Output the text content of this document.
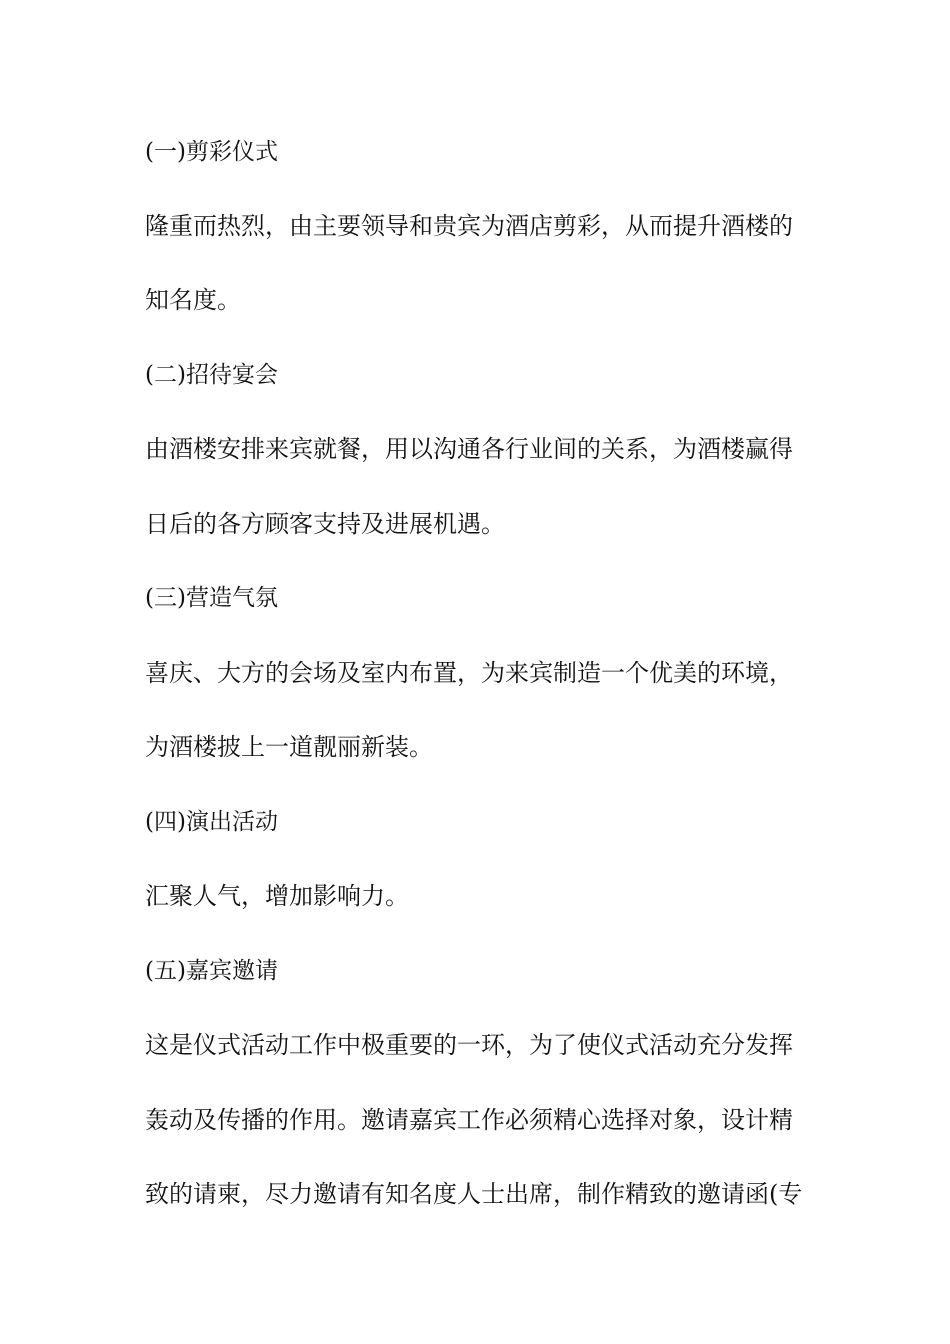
(一)剪彩仪式
隆重而热烈，由主要领导和贵宾为酒店剪彩，从而提升酒楼的
知名度。
(二)招待宴会
由酒楼安排来宾就餐，用以沟通各行业间的关系，为酒楼赢得
日后的各方顾客支持及进展机遇。
(三)营造气氛
喜庆、大方的会场及室内布置，为来宾制造一个优美的环境，
为酒楼披上一道靓丽新装。
(四)演出活动
汇聚人气，增加影响力。
(五)嘉宾邀请
这是仪式活动工作中极重要的一环，为了使仪式活动充分发挥
轰动及传播的作用。邀请嘉宾工作必须精心选择对象，设计精
致的请柬，尽力邀请有知名度人士出席，制作精致的邀请函(专
